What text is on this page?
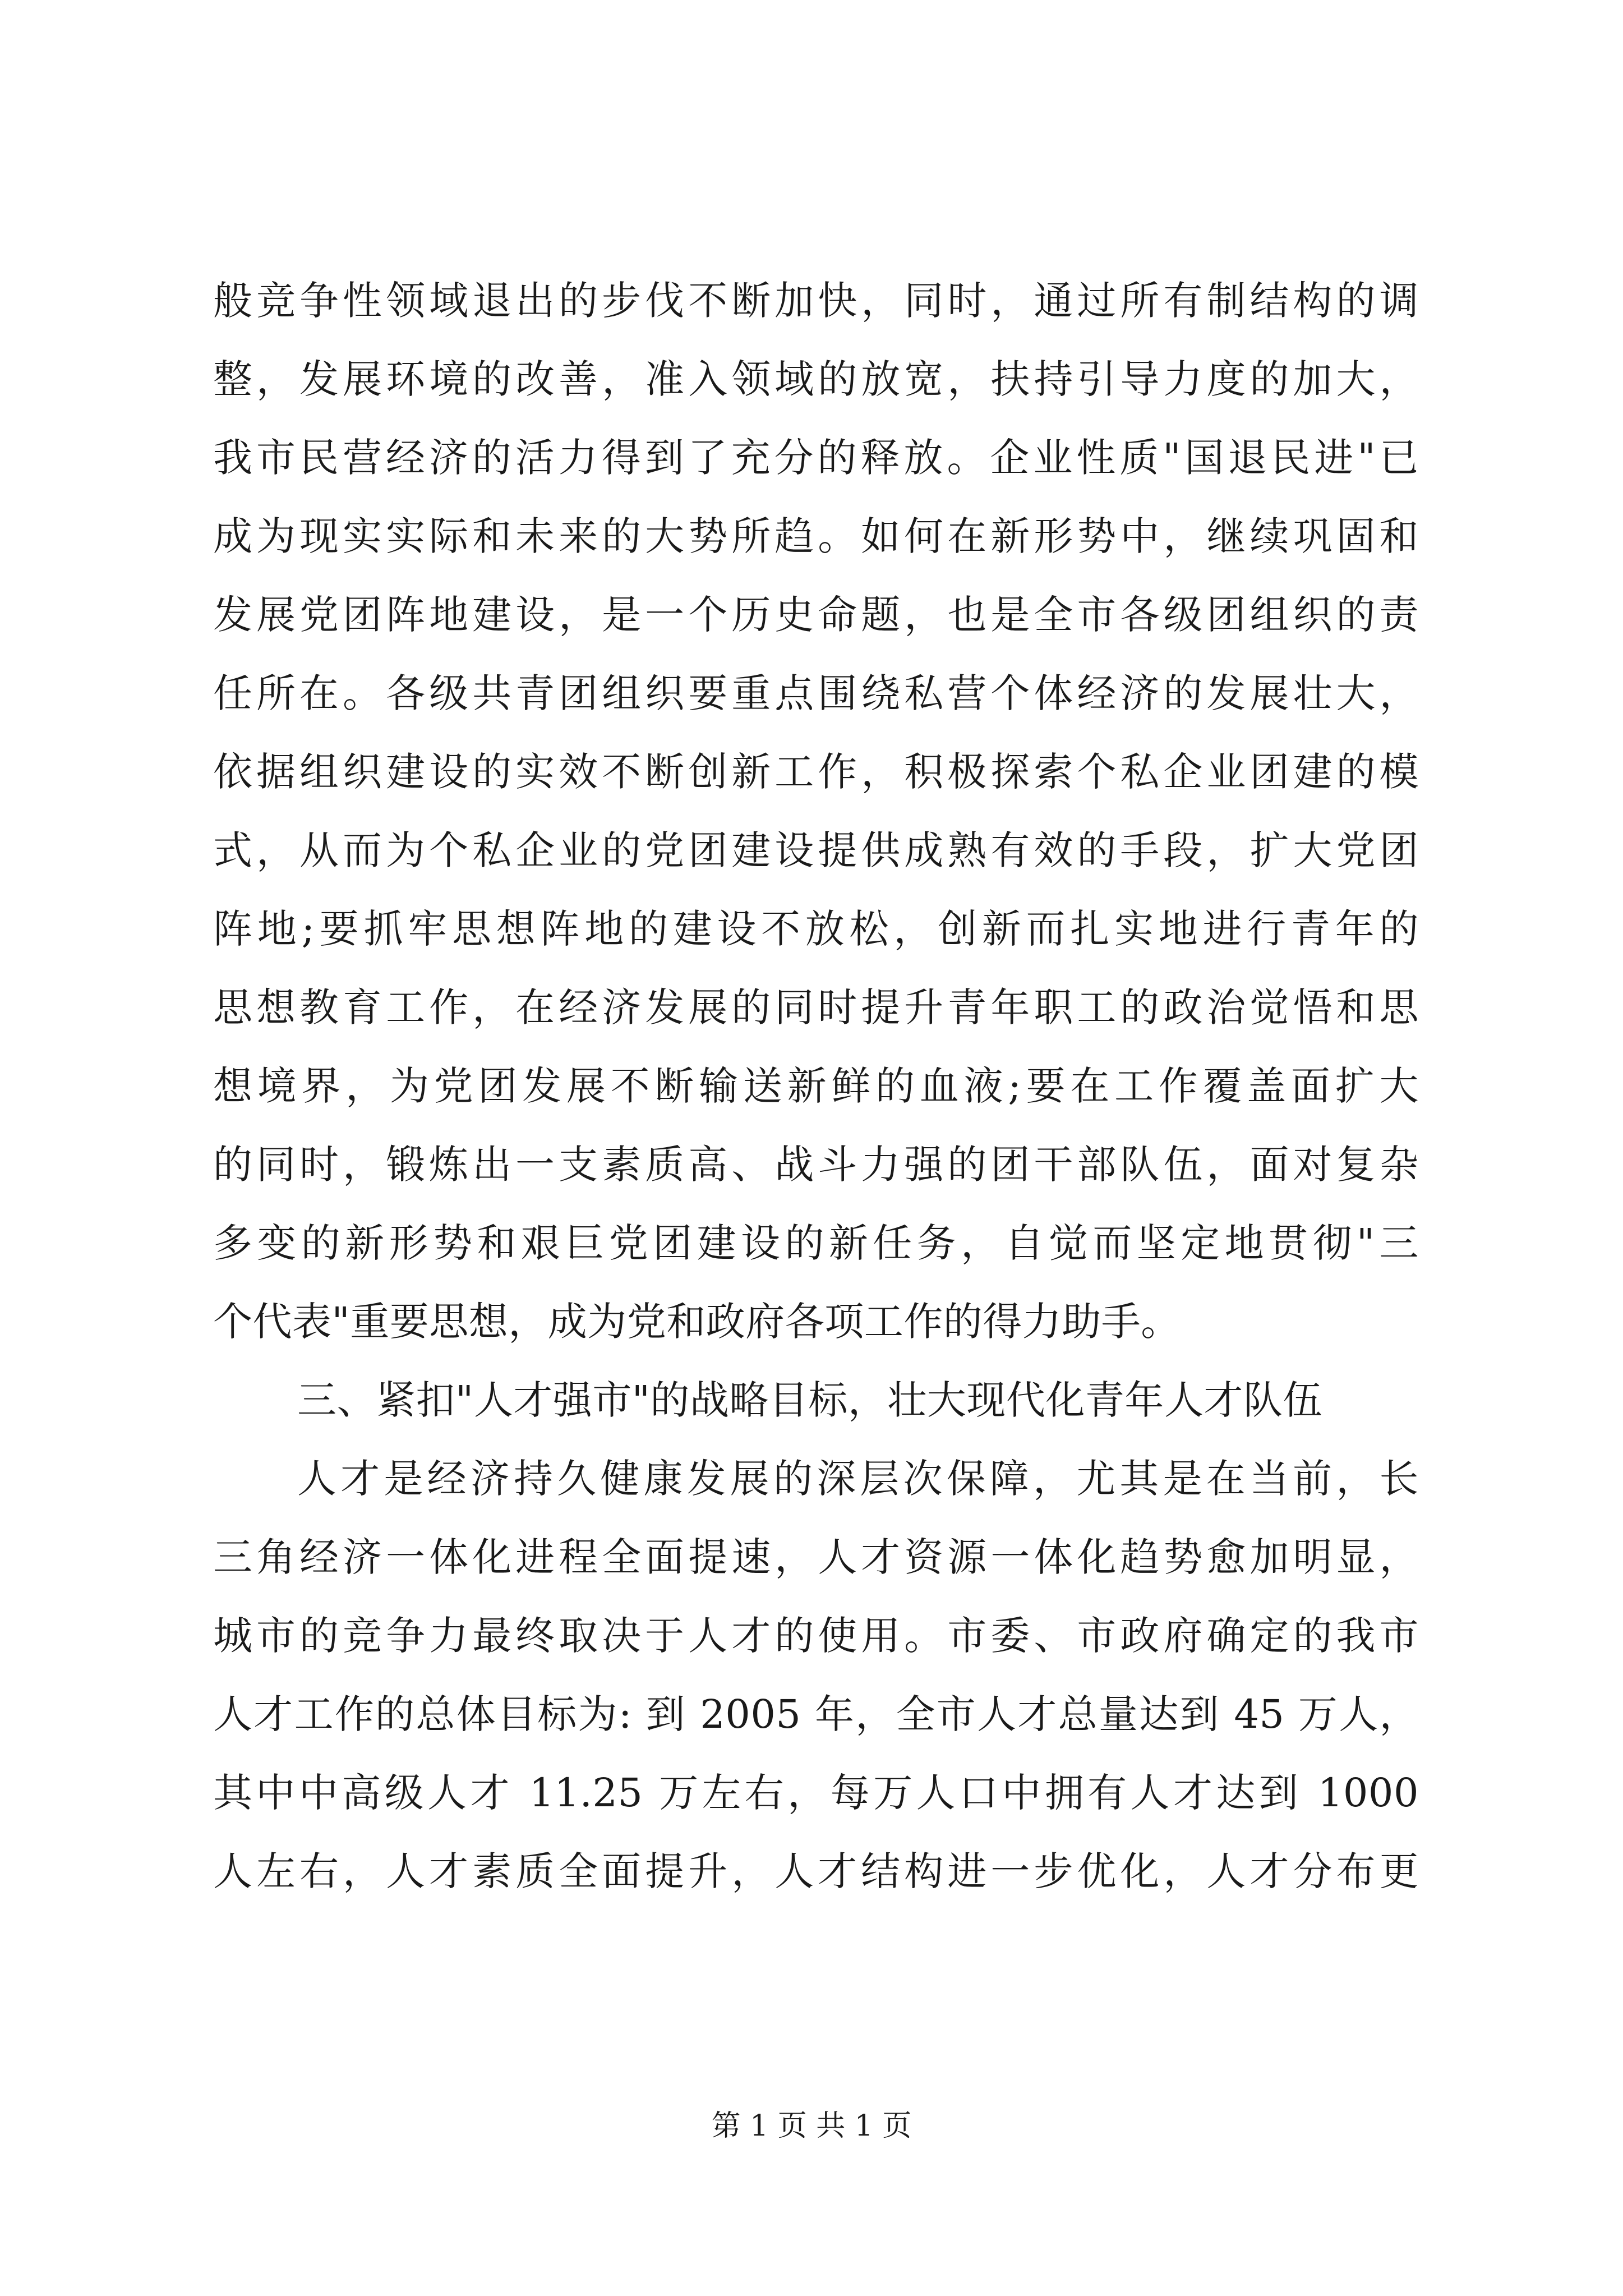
般竞争性领域退出的步伐不断加快，同时，通过所有制结构的调
整，发展环境的改善，准入领域的放宽，扶持引导力度的加大，
我市民营经济的活力得到了充分的释放。企业性质"国退民进"已
成为现实实际和未来的大势所趋。如何在新形势中，继续巩固和
发展党团阵地建设，是一个历史命题，也是全市各级团组织的责
任所在。各级共青团组织要重点围绕私营个体经济的发展壮大，
依据组织建设的实效不断创新工作，积极探索个私企业团建的模
式，从而为个私企业的党团建设提供成熟有效的手段，扩大党团
阵地;要抓牢思想阵地的建设不放松，创新而扎实地进行青年的
思想教育工作，在经济发展的同时提升青年职工的政治觉悟和思
想境界，为党团发展不断输送新鲜的血液;要在工作覆盖面扩大
的同时，锻炼出一支素质高、战斗力强的团干部队伍，面对复杂
多变的新形势和艰巨党团建设的新任务，自觉而坚定地贯彻"三
个代表"重要思想，成为党和政府各项工作的得力助手。
三、紧扣"人才强市"的战略目标，壮大现代化青年人才队伍
人才是经济持久健康发展的深层次保障，尤其是在当前，长
三角经济一体化进程全面提速，人才资源一体化趋势愈加明显，
城市的竞争力最终取决于人才的使用。市委、市政府确定的我市
人才工作的总体目标为: 到 2005 年，全市人才总量达到 45 万人，
其中中高级人才 11.25 万左右，每万人口中拥有人才达到 1000
人左右，人才素质全面提升，人才结构进一步优化，人才分布更
第 1 页 共 1 页
